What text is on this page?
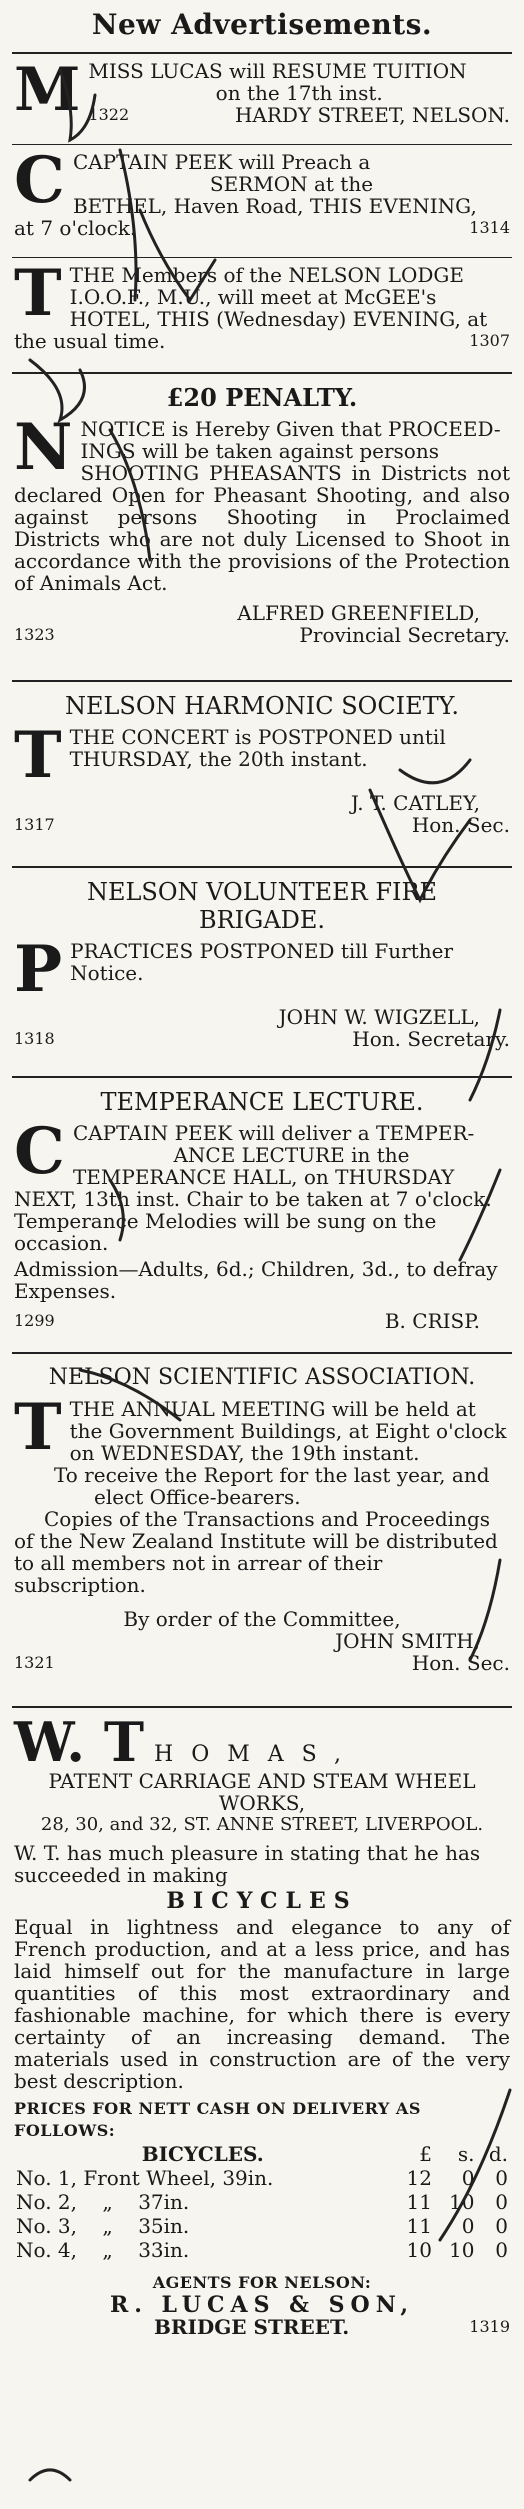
New Advertisements.
M MISS LUCAS will RESUME TUITION

on the 17th inst.

1322	HARDY STREET, NELSON.
C CAPTAIN PEEK will Preach a

SERMON at the

BETHEL, Haven Road, THIS EVENING,

at 7 o'clock.	1314
T THE Members of the NELSON LODGE

I.O.O.F., M.U., will meet at McGEE's

HOTEL, THIS (Wednesday) EVENING, at

the usual time.	1307
£20 PENALTY.
N NOTICE is Hereby Given that PROCEED-

INGS will be taken against persons

SHOOTING PHEASANTS in Districts not declared Open for Pheasant Shooting, and also against persons Shooting in Proclaimed Districts who are not duly Licensed to Shoot in accordance with the provisions of the Protection of Animals Act.

ALFRED GREENFIELD,

1323	Provincial Secretary.
NELSON HARMONIC SOCIETY.
T THE CONCERT is POSTPONED until

THURSDAY, the 20th instant.

J. T. CATLEY,

1317	Hon. Sec.
NELSON VOLUNTEER FIRE
BRIGADE.
P PRACTICES POSTPONED till Further

Notice.

JOHN W. WIGZELL,

1318	Hon. Secretary.
TEMPERANCE LECTURE.
C CAPTAIN PEEK will deliver a TEMPER-

ANCE LECTURE in the

TEMPERANCE HALL, on THURSDAY

NEXT, 13th inst. Chair to be taken at 7 o'clock.

Temperance Melodies will be sung on the occasion.

Admission—Adults, 6d.; Children, 3d., to defray Expenses.

1299	B. CRISP.
NELSON SCIENTIFIC ASSOCIATION.
T THE ANNUAL MEETING will be held at

the Government Buildings, at Eight o'clock

on WEDNESDAY, the 19th instant.

To receive the Report for the last year, and

elect Office-bearers.

Copies of the Transactions and Proceedings of the New Zealand Institute will be distributed to all members not in arrear of their subscription.

By order of the Committee,

JOHN SMITH,

1321	Hon. Sec.
W. T HOMAS,

PATENT CARRIAGE AND STEAM WHEEL

WORKS,

28, 30, and 32, ST. ANNE STREET, LIVERPOOL.

W. T. has much pleasure in stating that he has succeeded in making

BICYCLES

Equal in lightness and elegance to any of French production, and at a less price, and has laid himself out for the manufacture in large quantities of this most extraordinary and fashionable machine, for which there is every certainty of an increasing demand. The materials used in construction are of the very best description.

PRICES FOR NETT CASH ON DELIVERY AS FOLLOWS:

BICYCLES.	£	s.	d.
No. 1, Front Wheel, 39in.	12	0	0
No. 2,    „    37in.	11	10	0
No. 3,    „    35in.	11	0	0
No. 4,    „    33in.	10	10	0

AGENTS FOR NELSON:

R. LUCAS & SON,

BRIDGE STREET.	1319
